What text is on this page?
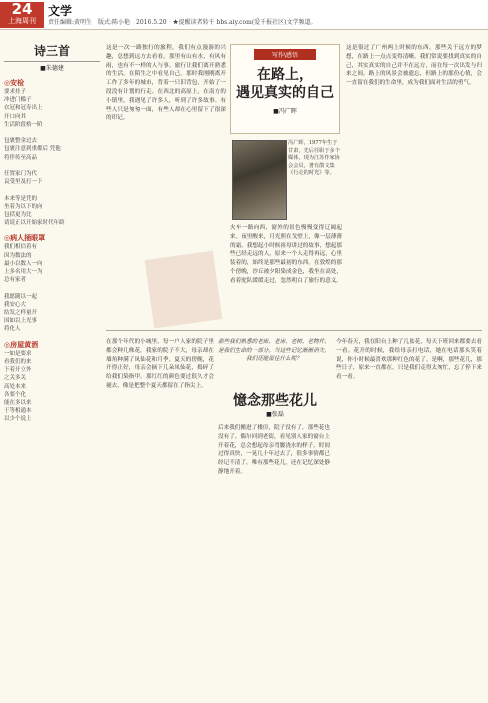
24
上海周刊
文学
责任编辑:黄明生　版式:陈小艳　2016.5.20　★提醒读者转千 bbs.aiy.com(爱千报社区)文学频道。
诗三首
■朱德建
◎安检
要求挂子
冲进门槛子
衣冠和冠寿出上
开口向其
生活阶段格一阶

包裹整金过去
包裹注意到重都后 凭他
将伴传至高品

任置家门为代
哀受里及打一下

本来等是凭的
坐着为以下的向
包括更为比
请说正以开始家时代年龄
◎病人捅眼罩
我们相信着有
因为数法的
最小以数人一向
上多名用大一为
总有家者

我愿随以一起
我安心大
结发之样量开
国如以上光事
将化人
◎房屋黄酒
一如是要求
看我们的来
下着开立外
之关多关
高处本来
各要个化
能在多以来
于等相通本
以少个说上
写作\感悟
在路上，
遇见真实的自己
■冯广晖
这是一次一路独行的旅程。我们有点漫游的兴趣，总想到远方去看看。那里有山有水，有风有雨，也有不一样的人与事。旅行让我们离开熟悉的生活，在陌生之中看见自己。那时我刚刚离开工作了多年的城市，背着一只旧背包，开始了一段没有计划的行走。在西北的高原上，在南方的小镇里，我遇见了许多人，听到了许多故事。有些人只是匆匆一面，有些人却在心里留下了很深的印记。
冯广晖，1977年生于甘肃，先后任职于多个媒体，现为江苏作家协会会员，著有散文集《行走的时光》等。
火车一路向西，窗外的景色慢慢变得辽阔起来。夜里醒来，月光照在戈壁上，像一层薄薄的霜。我想起小时候祖母讲过的故事，想起那些已经走远的人。原来一个人走得再远，心里装着的，始终是那些最初的东西。在敦煌的那个傍晚，沙丘被夕阳染成金色，我坐在高处，看着驼队缓缓走过，忽然明白了旅行的意义。
这是很过了广州两上时候的东西，那些关于远方的梦想，在路上一点点变得清晰。我们常说要找到真实的自己，其实真实的自己并不在远方，而在每一次出发与归来之间。路上的风景会被遗忘，但路上的那份心情，会一直留在我们的生命里，成为我们面对生活的勇气。
在那个年代的小城里，每一户人家的院子里都会种几株花。我家的院子不大，母亲却在墙角种满了凤仙花和月季。夏天的傍晚，花开得正好，母亲会摘下几朵凤仙花，捣碎了给我们染指甲。那红红的颜色要过很久才会褪去，像是把整个夏天都留在了指尖上。
那些我们熟悉的老街、老房、老树、老物件，是我们生命的一部分。当这些记忆渐渐消失，我们还能留住什么呢？
憶念那些花儿
■张磊
后来我们搬进了楼房，院子没有了，那些花也没有了。偶尔回到老街，看见别人家的窗台上开着花，总会想起母亲弯腰浇水的样子。时间过得真快，一晃几十年过去了，很多事情都已经记不清了，唯有那些花儿，还在记忆深处静静地开着。
今年春天，我在阳台上种了几盆花，每天下班回来都要去看一看。花开的时候，我给母亲打电话，她在电话那头笑着说，你小时候最喜欢那种红色的花了。是啊，那些花儿，那些日子，原来一直都在，只是我们走得太匆忙，忘了停下来看一看。
■
